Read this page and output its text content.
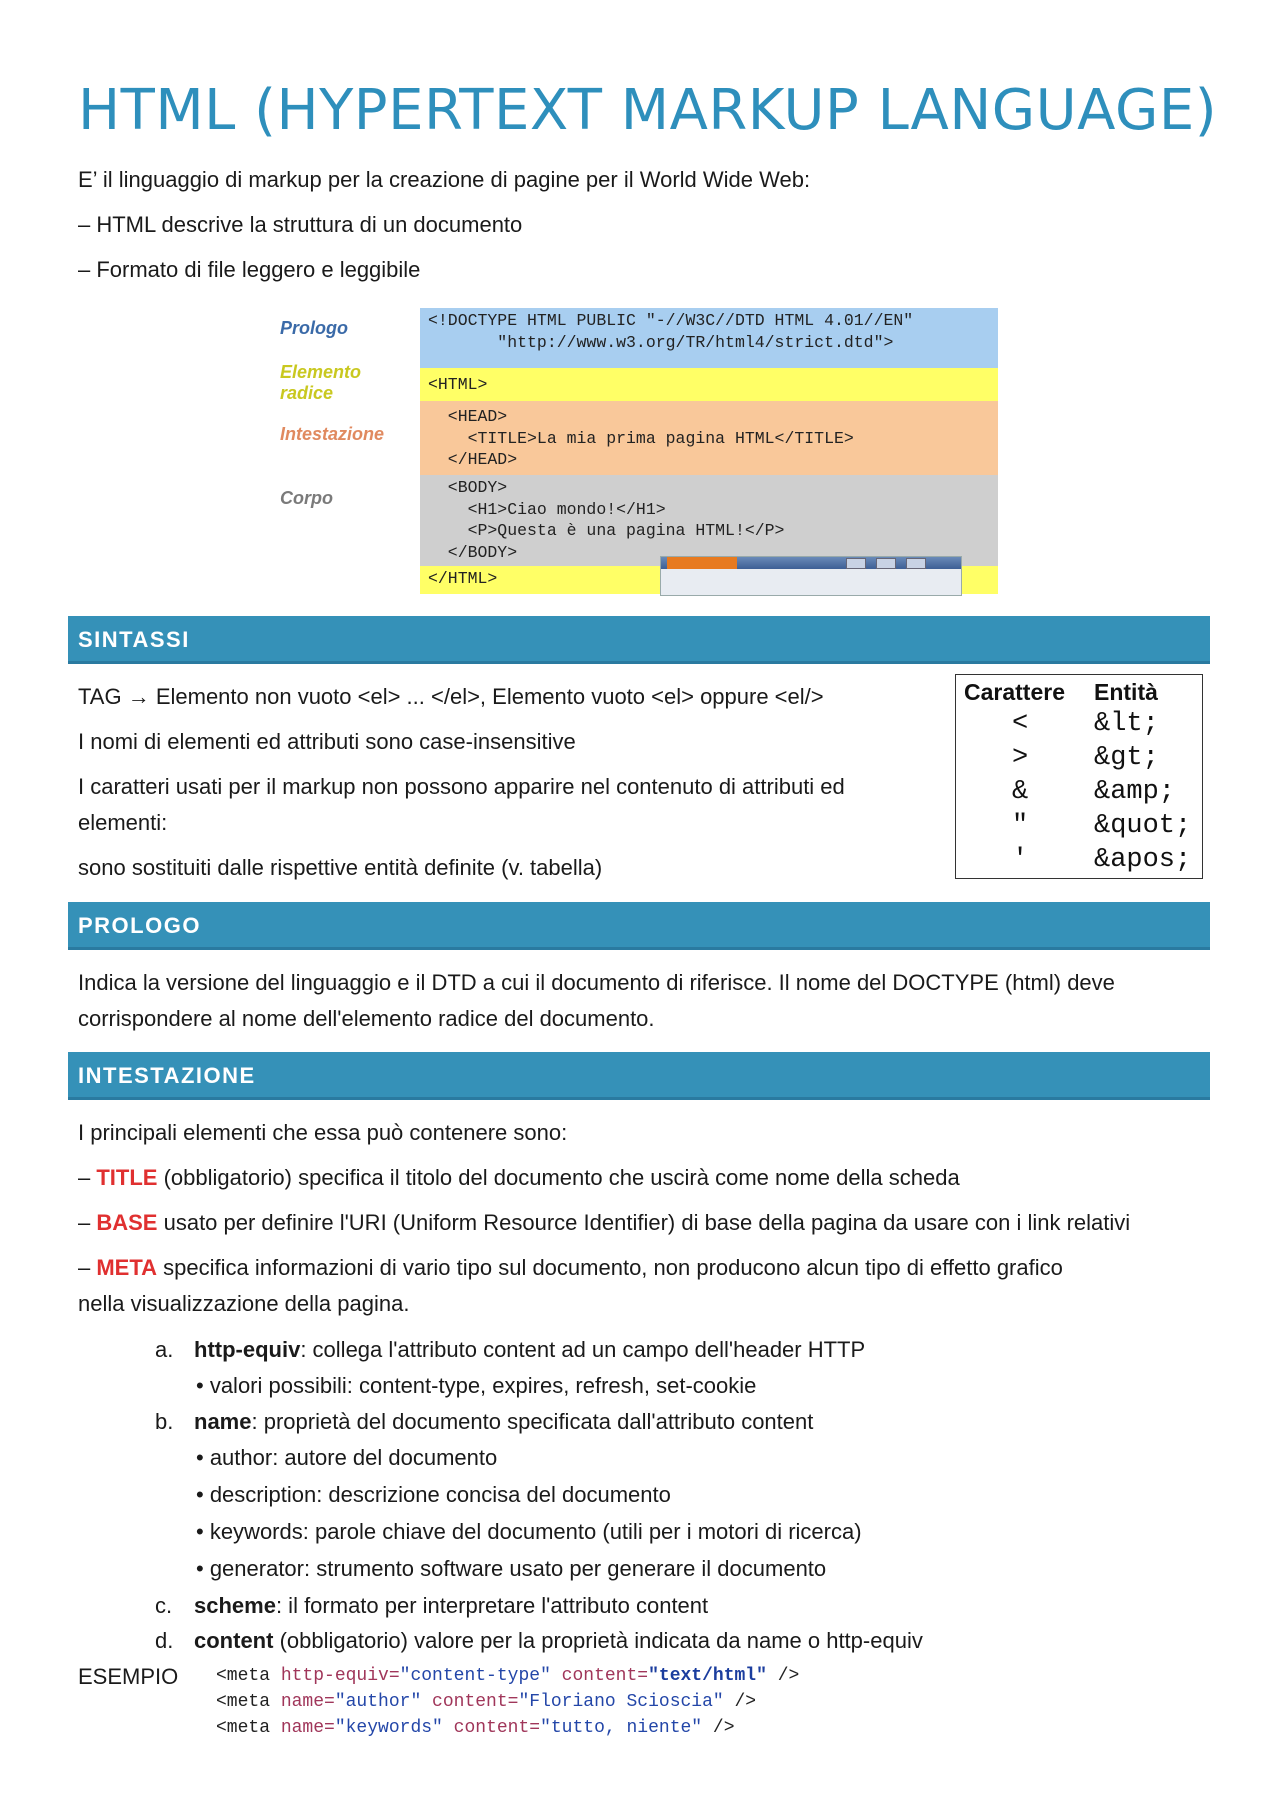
HTML (HYPERTEXT MARKUP LANGUAGE)

E’ il linguaggio di markup per la creazione di pagine per il World Wide Web:

– HTML descrive la struttura di un documento

– Formato di file leggero e leggibile

Prologo
Elemento
radice
Intestazione
Corpo
<!DOCTYPE HTML PUBLIC "-//W3C//DTD HTML 4.01//EN"
"http://www.w3.org/TR/html4/strict.dtd">
<HTML>
<HEAD>
<TITLE>La mia prima pagina HTML</TITLE>
</HEAD>
<BODY>
<H1>Ciao mondo!</H1>
<P>Questa è una pagina HTML!</P>
</BODY>
</HTML>
SINTASSI

TAG → Elemento non vuoto <el> ... </el>, Elemento vuoto <el> oppure <el/>

I nomi di elementi ed attributi sono case-insensitive

I caratteri usati per il markup non possono apparire nel contenuto di attributi ed

elementi:

sono sostituiti dalle rispettive entità definite (v. tabella)

Carattere Entità
< &lt;
> &gt;
& &amp;
" &quot;
' &apos;
PROLOGO

Indica la versione del linguaggio e il DTD a cui il documento di riferisce. Il nome del DOCTYPE (html) deve

corrispondere al nome dell'elemento radice del documento.

INTESTAZIONE

I principali elementi che essa può contenere sono:

– TITLE (obbligatorio) specifica il titolo del documento che uscirà come nome della scheda

– BASE usato per definire l'URI (Uniform Resource Identifier) di base della pagina da usare con i link relativi

– META specifica informazioni di vario tipo sul documento, non producono alcun tipo di effetto grafico

nella visualizzazione della pagina.

a. http-equiv: collega l'attributo content ad un campo dell'header HTTP

• valori possibili: content-type, expires, refresh, set-cookie

b. name: proprietà del documento specificata dall'attributo content

• author: autore del documento

• description: descrizione concisa del documento

• keywords: parole chiave del documento (utili per i motori di ricerca)

• generator: strumento software usato per generare il documento

c. scheme: il formato per interpretare l'attributo content

d. content (obbligatorio) valore per la proprietà indicata da name o http-equiv

ESEMPIO <meta http-equiv="content-type" content="text/html" />
<meta name="author" content="Floriano Scioscia" />
<meta name="keywords" content="tutto, niente" />
